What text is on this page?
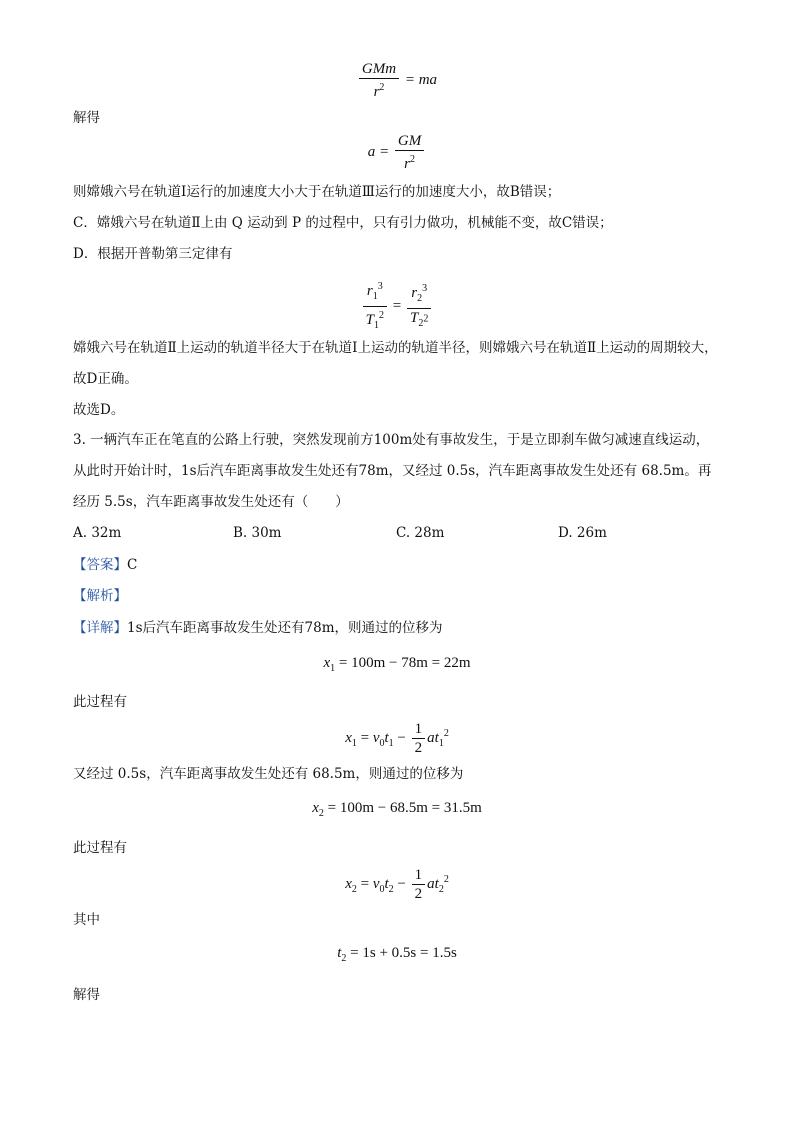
$\frac{\text{GMm}}{r^2}$ = ma
解得
$a = \frac{GM}{r^2}$
则嫦娥六号在轨道Ⅰ运行的加速度大小大于在轨道Ⅲ运行的加速度大小，故B错误；
C．嫦娥六号在轨道Ⅱ上由 Q 运动到 P 的过程中，只有引力做功，机械能不变，故C错误；
D．根据开普勒第三定律有
$\frac{r_1^3}{T_1^2} = \frac{r_2^3}{T_{2^2}}$
嫦娥六号在轨道Ⅱ上运动的轨道半径大于在轨道Ⅰ上运动的轨道半径，则嫦娥六号在轨道Ⅱ上运动的周期较大，故D正确。
故选D。
3. 一辆汽车正在笔直的公路上行驶，突然发现前方100m处有事故发生，于是立即刹车做匀减速直线运动，从此时开始计时，1s后汽车距离事故发生处还有78m，又经过 0.5s，汽车距离事故发生处还有 68.5m。再经历 5.5s，汽车距离事故发生处还有（　　）
A. 32m	B. 30m	C. 28m	D. 26m
【答案】C
【解析】
【详解】1s后汽车距离事故发生处还有78m，则通过的位移为
$x_1 = 100m - 78m = 22m$
此过程有
$x_1 = v_0t_1 - \frac{1}{2} at_1^2$
又经过 0.5s，汽车距离事故发生处还有 68.5m，则通过的位移为
$x_2 = 100m - 68.5m = 31.5m$
此过程有
$x_2 = v_0t_2 - \frac{1}{2} at_2^2$
其中
$t_2 = 1s + 0.5s = 1.5s$
解得
